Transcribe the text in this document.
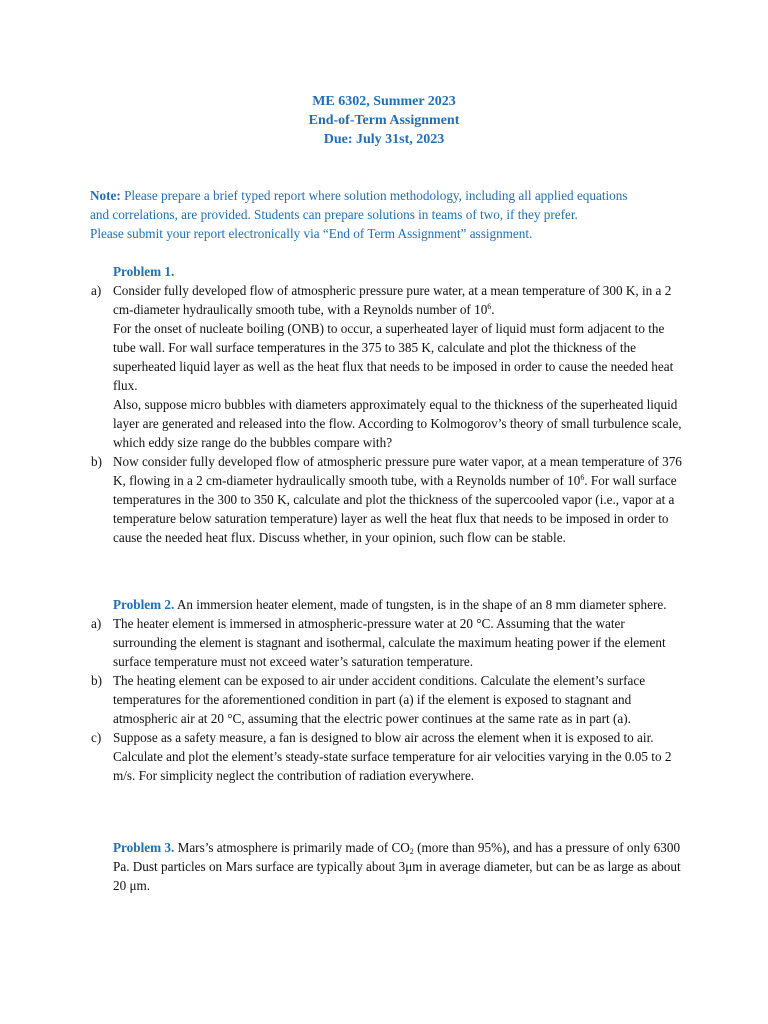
ME 6302, Summer 2023
End-of-Term Assignment
Due: July 31st, 2023
Note: Please prepare a brief typed report where solution methodology, including all applied equations
and correlations, are provided. Students can prepare solutions in teams of two, if they prefer.
Please submit your report electronically via “End of Term Assignment” assignment.
Problem 1.
a) Consider fully developed flow of atmospheric pressure pure water, at a mean temperature of 300 K, in a 2 cm-diameter hydraulically smooth tube, with a Reynolds number of $10^6$.

For the onset of nucleate boiling (ONB) to occur, a superheated layer of liquid must form adjacent to the tube wall. For wall surface temperatures in the 375 to 385 K, calculate and plot the thickness of the superheated liquid layer as well as the heat flux that needs to be imposed in order to cause the needed heat flux.

Also, suppose micro bubbles with diameters approximately equal to the thickness of the superheated liquid layer are generated and released into the flow. According to Kolmogorov’s theory of small turbulence scale, which eddy size range do the bubbles compare with?

b) Now consider fully developed flow of atmospheric pressure pure water vapor, at a mean temperature of 376 K, flowing in a 2 cm-diameter hydraulically smooth tube, with a Reynolds number of $10^6$. For wall surface temperatures in the 300 to 350 K, calculate and plot the thickness of the supercooled vapor (i.e., vapor at a temperature below saturation temperature) layer as well the heat flux that needs to be imposed in order to cause the needed heat flux. Discuss whether, in your opinion, such flow can be stable.

Problem 2. An immersion heater element, made of tungsten, is in the shape of an 8 mm diameter sphere.

a) The heater element is immersed in atmospheric-pressure water at 20 °C. Assuming that the water surrounding the element is stagnant and isothermal, calculate the maximum heating power if the element surface temperature must not exceed water’s saturation temperature.

b) The heating element can be exposed to air under accident conditions. Calculate the element’s surface temperatures for the aforementioned condition in part (a) if the element is exposed to stagnant and atmospheric air at 20 °C, assuming that the electric power continues at the same rate as in part (a).

c) Suppose as a safety measure, a fan is designed to blow air across the element when it is exposed to air. Calculate and plot the element’s steady-state surface temperature for air velocities varying in the 0.05 to 2 m/s. For simplicity neglect the contribution of radiation everywhere.

Problem 3. Mars’s atmosphere is primarily made of $CO_2$ (more than 95%), and has a pressure of only 6300 Pa. Dust particles on Mars surface are typically about 3μm in average diameter, but can be as large as about 20 μm.
